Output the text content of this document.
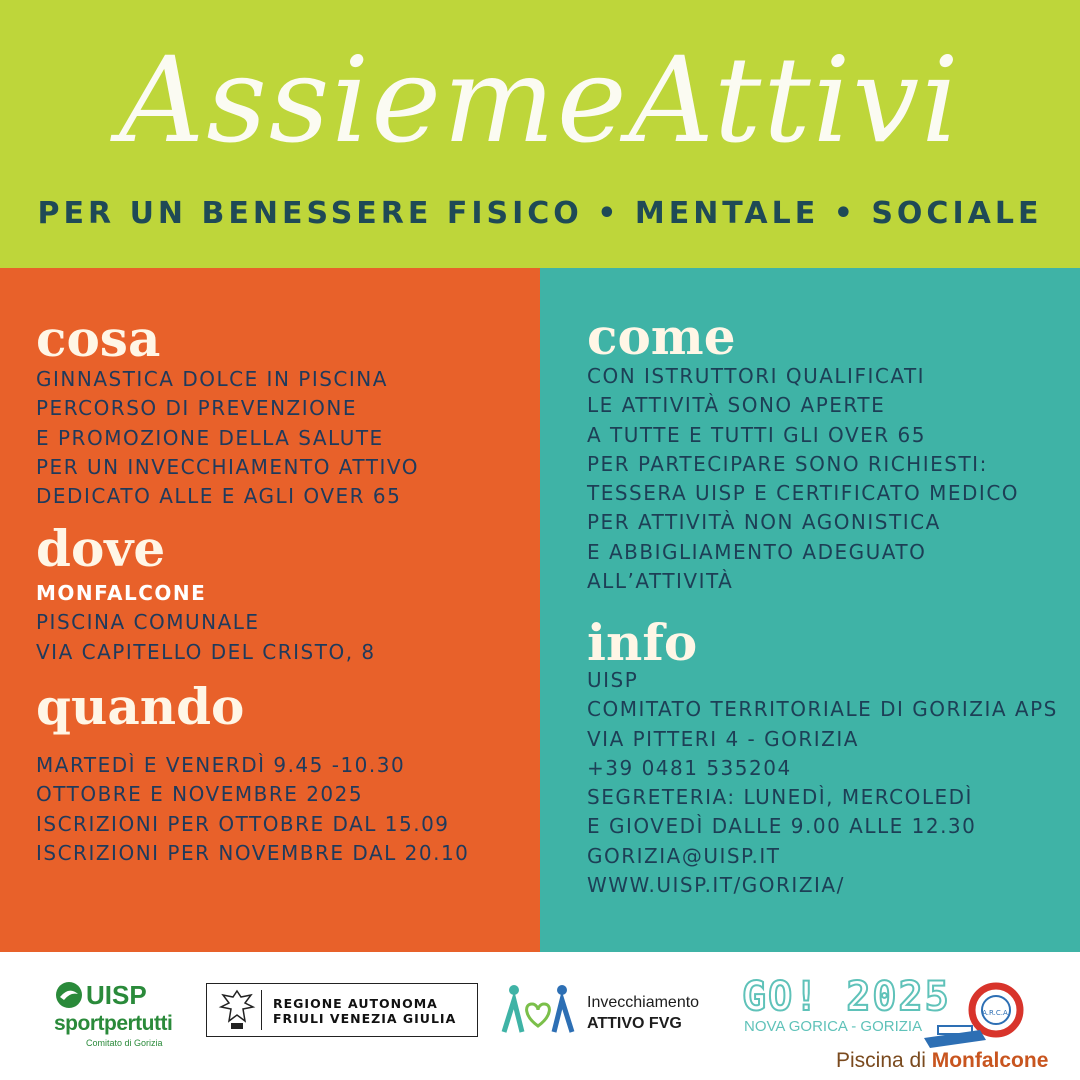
AssiemeAttivi
PER UN BENESSERE FISICO • MENTALE • SOCIALE
cosa
GINNASTICA DOLCE IN PISCINA
PERCORSO DI PREVENZIONE
E PROMOZIONE DELLA SALUTE
PER UN INVECCHIAMENTO ATTIVO
DEDICATO ALLE E AGLI OVER 65
dove
MONFALCONE
PISCINA COMUNALE
VIA CAPITELLO DEL CRISTO, 8
quando
MARTEDÌ E VENERDÌ 9.45 -10.30
OTTOBRE E NOVEMBRE 2025
ISCRIZIONI PER OTTOBRE DAL 15.09
ISCRIZIONI PER NOVEMBRE DAL 20.10
come
CON ISTRUTTORI QUALIFICATI
LE ATTIVITÀ SONO APERTE
A TUTTE E TUTTI GLI OVER 65
PER PARTECIPARE SONO RICHIESTI:
TESSERA UISP E CERTIFICATO MEDICO
PER ATTIVITÀ NON AGONISTICA
E ABBIGLIAMENTO ADEGUATO
ALL’ATTIVITÀ
info
UISP
COMITATO TERRITORIALE DI GORIZIA APS
VIA PITTERI 4 - GORIZIA
+39 0481 535204
SEGRETERIA: LUNEDÌ, MERCOLEDÌ
E GIOVEDÌ DALLE 9.00 ALLE 12.30
GORIZIA@UISP.IT
WWW.UISP.IT/GORIZIA/
UISP
sportpertutti
Comitato di Gorizia
REGIONE AUTONOMA
FRIULI VENEZIA GIULIA
Invecchiamento
ATTIVO FVG
GO! 2025
NOVA GORICA - GORIZIA
A.R.C.A.
Piscina di Monfalcone
